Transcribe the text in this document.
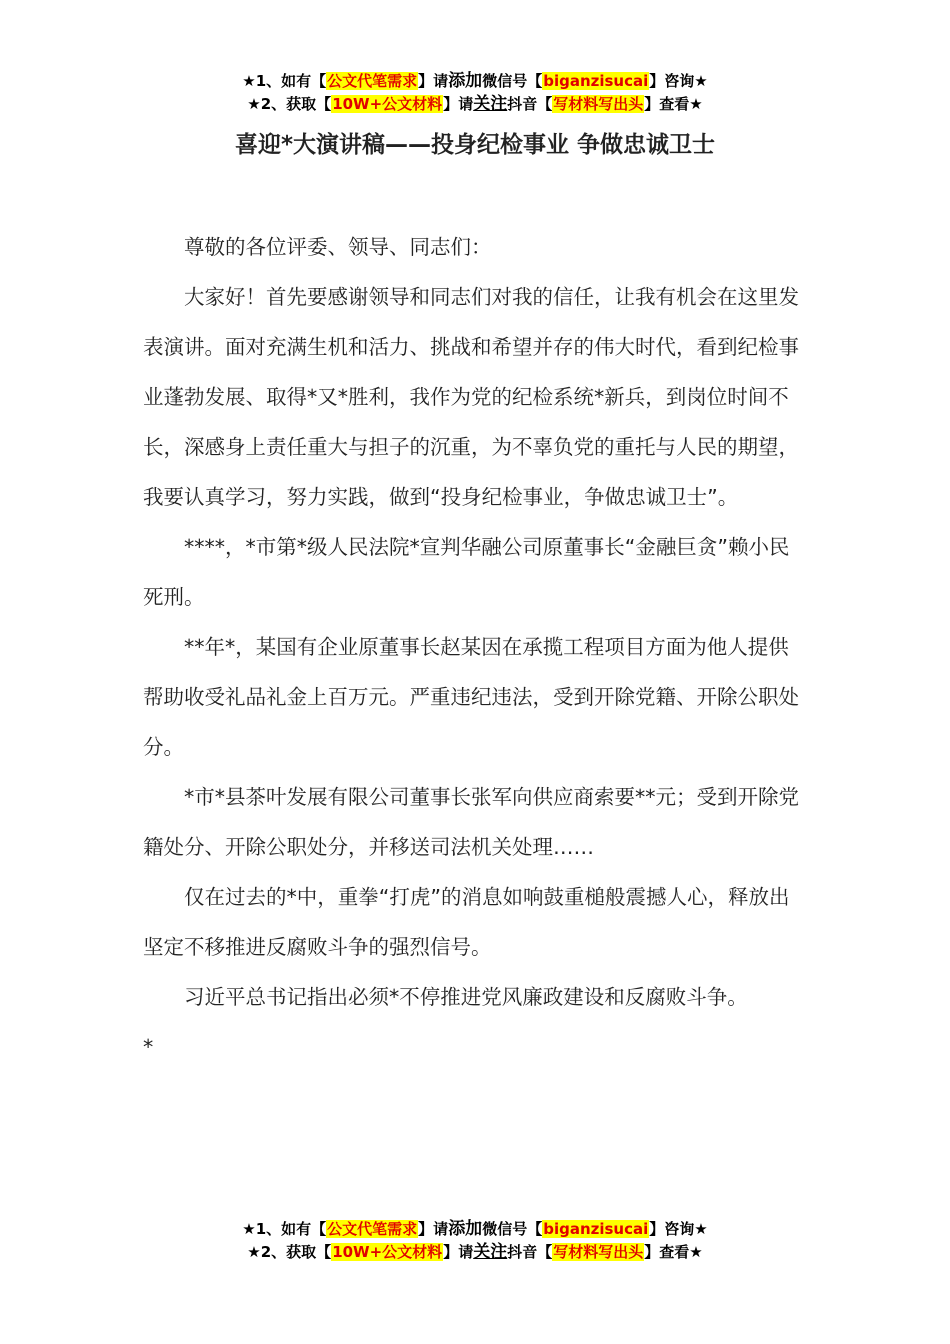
★1、如有【公文代笔需求】请添加微信号【biganzisucai】咨询★
★2、获取【10W+公文材料】请关注抖音【写材料写出头】查看★
喜迎*大演讲稿——投身纪检事业 争做忠诚卫士

尊敬的各位评委、领导、同志们：

大家好！首先要感谢领导和同志们对我的信任，让我有机会在这里发表演讲。面对充满生机和活力、挑战和希望并存的伟大时代，看到纪检事业蓬勃发展、取得*又*胜利，我作为党的纪检系统*新兵，到岗位时间不长，深感身上责任重大与担子的沉重，为不辜负党的重托与人民的期望，我要认真学习，努力实践，做到“投身纪检事业，争做忠诚卫士”。

****，*市第*级人民法院*宣判华融公司原董事长“金融巨贪”赖小民死刑。

**年*，某国有企业原董事长赵某因在承揽工程项目方面为他人提供帮助收受礼品礼金上百万元。严重违纪违法，受到开除党籍、开除公职处分。

*市*县茶叶发展有限公司董事长张军向供应商索要**元；受到开除党籍处分、开除公职处分，并移送司法机关处理……

仅在过去的*中，重拳“打虎”的消息如响鼓重槌般震撼人心，释放出坚定不移推进反腐败斗争的强烈信号。

习近平总书记指出必须*不停推进党风廉政建设和反腐败斗争。

*

★1、如有【公文代笔需求】请添加微信号【biganzisucai】咨询★
★2、获取【10W+公文材料】请关注抖音【写材料写出头】查看★
